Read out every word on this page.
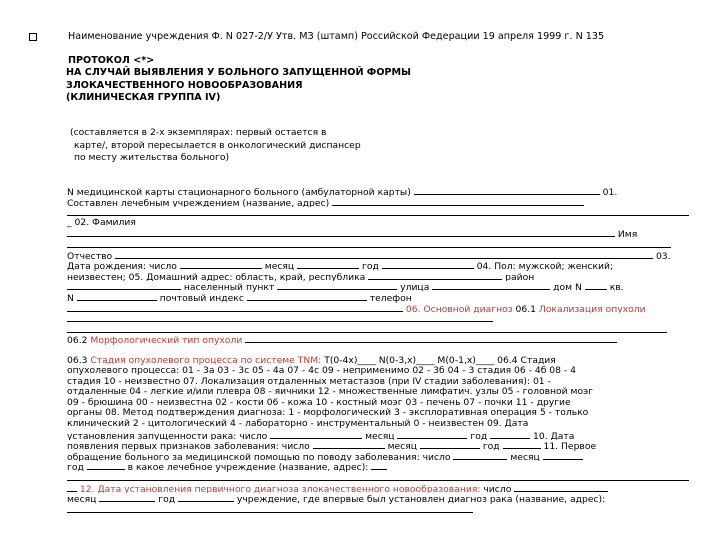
Наименование учреждения Ф. N 027-2/У Утв. МЗ (штамп) Российской Федерации 19 апреля 1999 г. N 135
ПРОТОКОЛ <*>
НА СЛУЧАЙ ВЫЯВЛЕНИЯ У БОЛЬНОГО ЗАПУЩЕННОЙ ФОРМЫ
ЗЛОКАЧЕСТВЕННОГО НОВООБРАЗОВАНИЯ
(КЛИНИЧЕСКАЯ ГРУППА IV)
(составляется в 2-х экземплярах: первый остается в
карте/, второй пересылается в онкологический диспансер
по месту жительства больного)
N медицинской карты стационарного больного (амбулаторной карты)	01.
Составлен лечебным учреждением (название, адрес)
_ 02. Фамилия
Имя
Отчество	03.
Дата рождения: число	месяц	год	04. Пол: мужской; женский;
неизвестен; 05. Домашний адрес: область, край, республика	район
населенный пункт	улица	дом N	кв.
N	почтовый индекс	телефон
06. Основной диагноз 06.1 Локализация опухоли
06.2 Морфологический тип опухоли
06.3 Стадия опухолевого процесса по системе TNM: T(0-4x)____ N(0-3,x)____ M(0-1,x)____ 06.4 Стадия
опухолевого процесса: 01 - 3а 03 - 3с 05 - 4а 07 - 4с 09 - неприменимо 02 - 3б 04 - 3 стадия 06 - 4б 08 - 4
стадия 10 - неизвестно 07. Локализация отдаленных метастазов (при IV стадии заболевания): 01 -
отдаленные 04 - легкие и/или плевра 08 - яичники 12 - множественные лимфатич. узлы 05 - головной моэг
09 - брюшина 00 - неизвестна 02 - кости 06 - кожа 10 - костный моэг 03 - печень 07 - почки 11 - другие
органы 08. Метод подтверждения диагноза: 1 - морфологический 3 - эксплоративная операция 5 - только
клинический 2 - цитологический 4 - лабораторно - инструментальный 0 - неизвестен 09. Дата
установления запущенности рака: число	месяц	год	10. Дата
появления первых признаков заболевания: число	месяц	год	11. Первое
обращение больного за медицинской помощью по поводу заболевания: число	месяц
год	в какое лечебное учреждение (название, адрес):
12. Дата установления первичного диагноза злокачественного новообразования: число
месяц	год	учреждение, где впервые был установлен диагноз рака (название, адрес):
